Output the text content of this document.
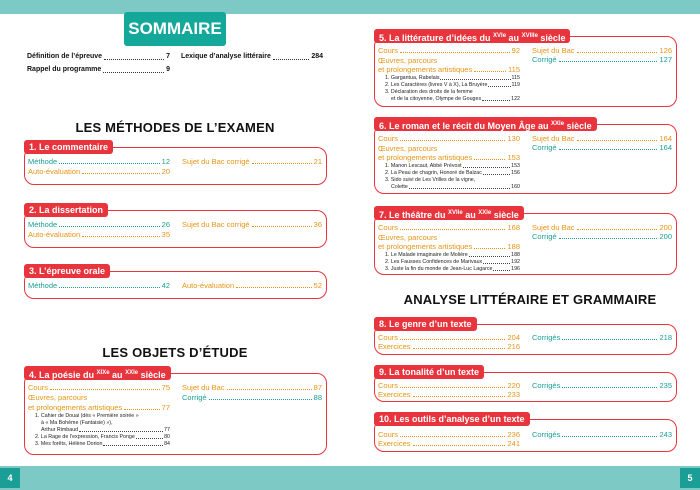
SOMMAIRE
Définition de l’épreuve	7
Rappel du programme	9
Lexique d’analyse littéraire	284
LES MÉTHODES DE L’EXAMEN
1. Le commentaire
Méthode	12
Auto-évaluation	20
Sujet du Bac corrigé	21
2. La dissertation
Méthode	26
Auto-évaluation	35
Sujet du Bac corrigé	36
3. L’épreuve orale
Méthode	42 Auto-évaluation	52
LES OBJETS D’ÉTUDE
4. La poésie du $^{XIXe}$ au $^{XXIe}$ siècle
Cours	75
Œuvres, parcours
et prolongements artistiques	77
1. Cahier de Douai (dès « Première soirée »
à « Ma Bohème (Fantaisie) »),
Arthur Rimbaud	77
2. La Rage de l’expression, Francis Ponge	80
3. Mes forêts, Hélène Dorion	84
Sujet du Bac	87
Corrigé	88
5. La littérature d’idées du $^{XVIe}$ au $^{XVIIIe}$ siècle
Cours	92
Œuvres, parcours
et prolongements artistiques	115
1. Gargantua, Rabelais	115
2. Les Caractères (livres V à X), La Bruyère	119
3. Déclaration des droits de la femme
et de la citoyenne, Olympe de Gouges	122
Sujet du Bac	126
Corrigé	127
6. Le roman et le récit du Moyen Âge au $^{XXIe}$ siècle
Cours	130
Œuvres, parcours
et prolongements artistiques	153
1. Manon Lescaut, Abbé Prévost	153
2. La Peau de chagrin, Honoré de Balzac	156
3. Sido suivi de Les Vrilles de la vigne,
Colette	160
Sujet du Bac	164
Corrigé	164
7. Le théâtre du $^{XVIIe}$ au $^{XXIe}$ siècle
Cours	168
Œuvres, parcours
et prolongements artistiques	188
1. Le Malade imaginaire de Molière	188
2. Les Fausses Confidences de Marivaux	192
3. Juste la fin du monde de Jean-Luc Lagarce	196
Sujet du Bac	200
Corrigé	200
ANALYSE LITTÉRAIRE ET GRAMMAIRE
8. Le genre d’un texte
Cours	204
Exercices	216
Corrigés	218
9. La tonalité d’un texte
Cours	220
Exercices	233
Corrigés	235
10. Les outils d’analyse d’un texte
Cours	236
Exercices	241
Corrigés	243
4	5
